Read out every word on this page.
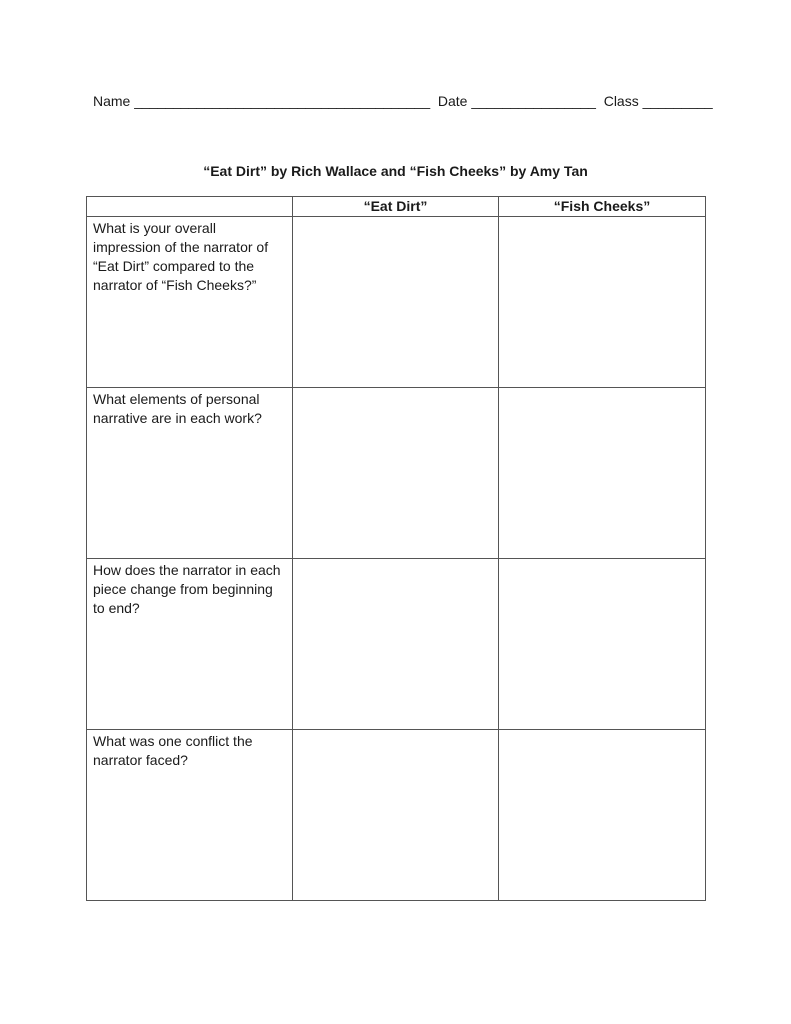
Name ______________________________________  Date ________________  Class _________
“Eat Dirt” by Rich Wallace and “Fish Cheeks” by Amy Tan
	“Eat Dirt”	“Fish Cheeks”

What is your overall impression of the narrator of “Eat Dirt” compared to the narrator of “Fish Cheeks?”		

What elements of personal narrative are in each work?		

How does the narrator in each piece change from beginning to end?		

What was one conflict the narrator faced?		
